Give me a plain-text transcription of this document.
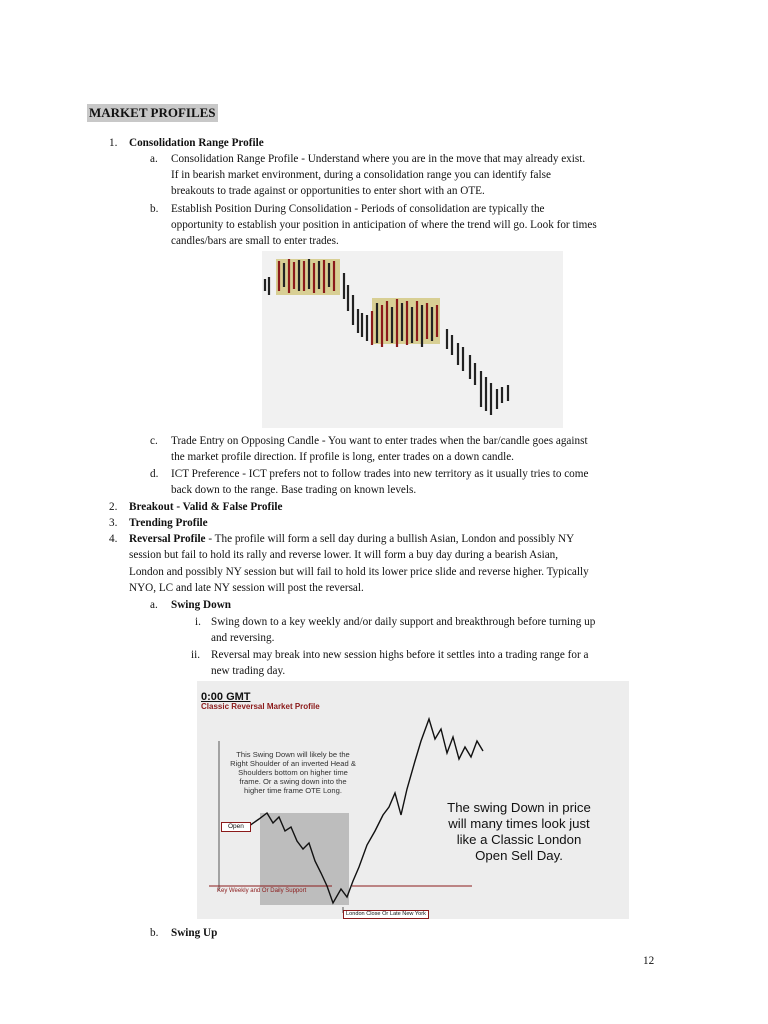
MARKET PROFILES
1. Consolidation Range Profile
a. Consolidation Range Profile - Understand where you are in the move that may already exist.
If in bearish market environment, during a consolidation range you can identify false
breakouts to trade against or opportunities to enter short with an OTE.
b. Establish Position During Consolidation - Periods of consolidation are typically the
opportunity to establish your position in anticipation of where the trend will go. Look for times
candles/bars are small to enter trades.
c. Trade Entry on Opposing Candle - You want to enter trades when the bar/candle goes against
the market profile direction. If profile is long, enter trades on a down candle.
d. ICT Preference - ICT prefers not to follow trades into new territory as it usually tries to come
back down to the range. Base trading on known levels.
2. Breakout - Valid & False Profile
3. Trending Profile
4. Reversal Profile - The profile will form a sell day during a bullish Asian, London and possibly NY
session but fail to hold its rally and reverse lower. It will form a buy day during a bearish Asian,
London and possibly NY session but will fail to hold its lower price slide and reverse higher. Typically
NYO, LC and late NY session will post the reversal.
a. Swing Down
i. Swing down to a key weekly and/or daily support and breakthrough before turning up
and reversing.
ii. Reversal may break into new session highs before it settles into a trading range for a
new trading day.
0:00 GMT
Classic Reversal Market Profile
This Swing Down will likely be the
Right Shoulder of an inverted Head &
Shoulders bottom on higher time
frame. Or a swing down into the
higher time frame OTE Long.
The swing Down in price
will many times look just
like a Classic London
Open Sell Day.
Open
Key Weekly and Or Daily Support
London Close Or Late New York
b. Swing Up
12
